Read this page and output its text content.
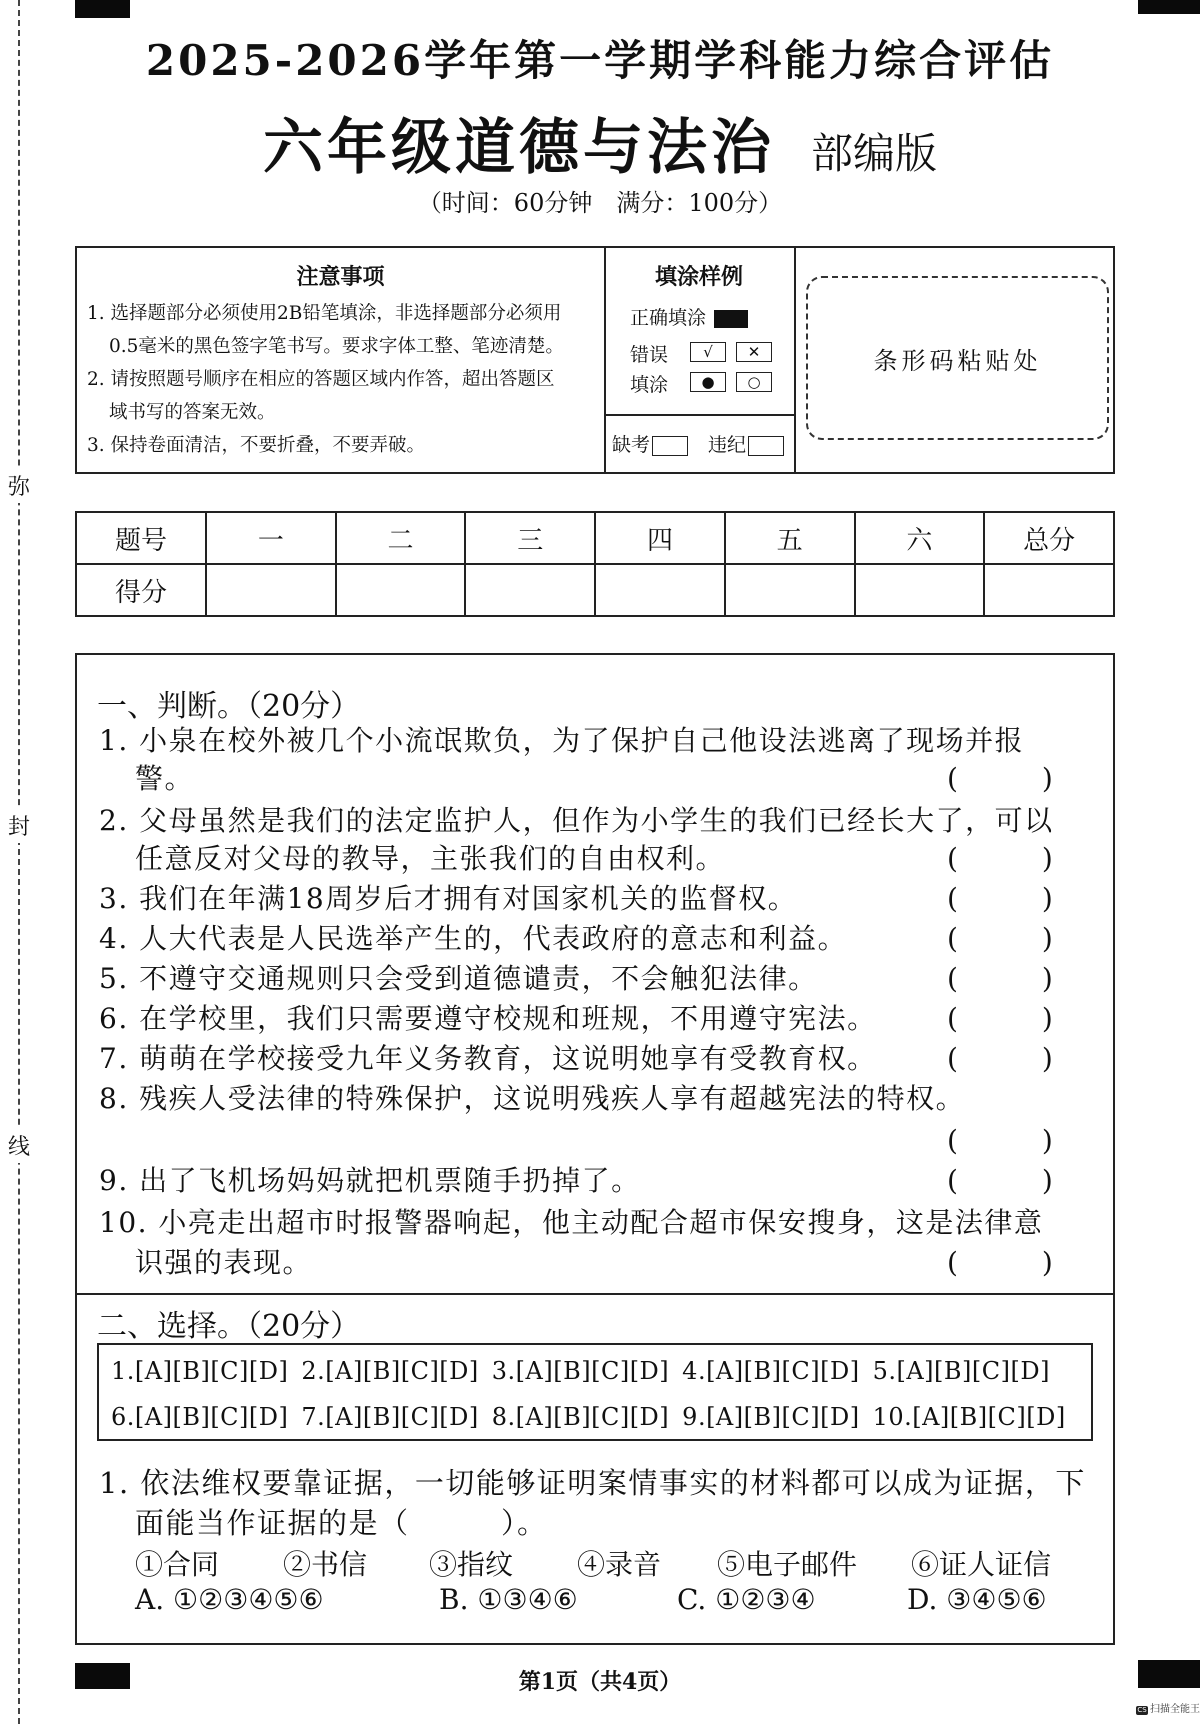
弥
封
线
2025-2026学年第一学期学科能力综合评估
六年级道德与法治 部编版
（时间：60分钟　满分：100分）
注意事项
1. 选择题部分必须使用2B铅笔填涂，非选择题部分必须用
0.5毫米的黑色签字笔书写。要求字体工整、笔迹清楚。
2. 请按照题号顺序在相应的答题区域内作答，超出答题区
域书写的答案无效。
3. 保持卷面清洁，不要折叠，不要弄破。
填涂样例
正确填涂
错误
填涂
√ ✕
● ○
缺考	违纪
条形码粘贴处
题号	一	二	三	四	五	六	总分
得分							
一、判断。（20分）
1. 小泉在校外被几个小流氓欺负，为了保护自己他设法逃离了现场并报
警。	(　　　)
2. 父母虽然是我们的法定监护人，但作为小学生的我们已经长大了，可以
任意反对父母的教导，主张我们的自由权利。	(　　　)
3. 我们在年满18周岁后才拥有对国家机关的监督权。	(　　　)
4. 人大代表是人民选举产生的，代表政府的意志和利益。	(　　　)
5. 不遵守交通规则只会受到道德谴责，不会触犯法律。	(　　　)
6. 在学校里，我们只需要遵守校规和班规，不用遵守宪法。	(　　　)
7. 萌萌在学校接受九年义务教育，这说明她享有受教育权。	(　　　)
8. 残疾人受法律的特殊保护，这说明残疾人享有超越宪法的特权。
(　　　)
9. 出了飞机场妈妈就把机票随手扔掉了。	(　　　)
10. 小亮走出超市时报警器响起，他主动配合超市保安搜身，这是法律意
识强的表现。	(　　　)
二、选择。（20分）
1.[A][B][C][D] 2.[A][B][C][D] 3.[A][B][C][D] 4.[A][B][C][D] 5.[A][B][C][D]
6.[A][B][C][D] 7.[A][B][C][D] 8.[A][B][C][D] 9.[A][B][C][D] 10.[A][B][C][D]
1. 依法维权要靠证据，一切能够证明案情事实的材料都可以成为证据，下
面能当作证据的是（　　　）。
①合同 ②书信 ③指纹 ④录音 ⑤电子邮件 ⑥证人证信
A. ①②③④⑤⑥	B. ①③④⑥	C. ①②③④	D. ③④⑤⑥
第1页（共4页）
CS 扫描全能王
